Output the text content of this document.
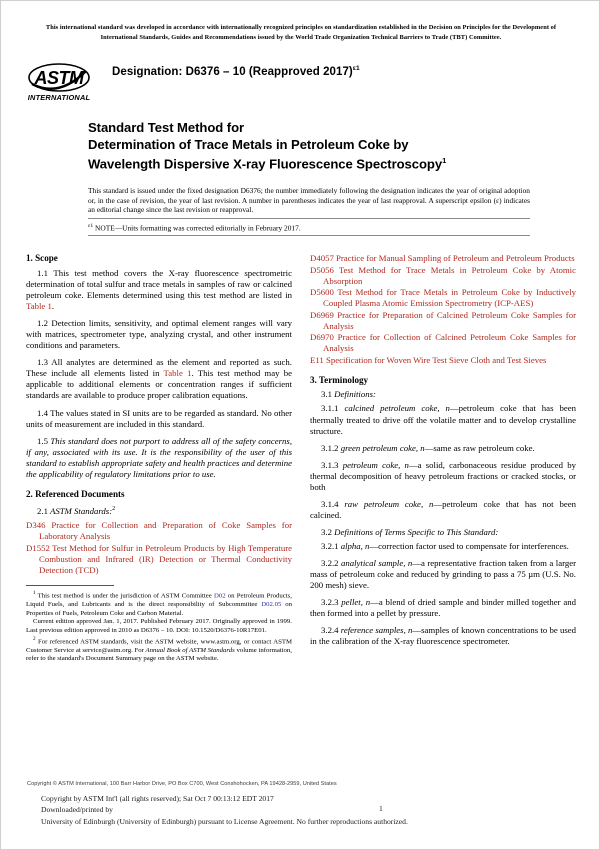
This international standard was developed in accordance with internationally recognized principles on standardization established in the Decision on Principles for the Development of International Standards, Guides and Recommendations issued by the World Trade Organization Technical Barriers to Trade (TBT) Committee.
ASTM
INTERNATIONAL
Designation: D6376 – 10 (Reapproved 2017)$^{\varepsilon 1}$
Standard Test Method for
Determination of Trace Metals in Petroleum Coke by
Wavelength Dispersive X-ray Fluorescence Spectroscopy$^1$
This standard is issued under the fixed designation D6376; the number immediately following the designation indicates the year of original adoption or, in the case of revision, the year of last revision. A number in parentheses indicates the year of last reapproval. A superscript epsilon (ε) indicates an editorial change since the last revision or reapproval.
$^{\varepsilon 1}$ NOTE—Units formatting was corrected editorially in February 2017.
1. Scope

1.1 This test method covers the X-ray fluorescence spectrometric determination of total sulfur and trace metals in samples of raw or calcined petroleum coke. Elements determined using this test method are listed in Table 1.

1.2 Detection limits, sensitivity, and optimal element ranges will vary with matrices, spectrometer type, analyzing crystal, and other instrument conditions and parameters.

1.3 All analytes are determined as the element and reported as such. These include all elements listed in Table 1. This test method may be applicable to additional elements or concentration ranges if sufficient standards are available to produce proper calibration equations.

1.4 The values stated in SI units are to be regarded as standard. No other units of measurement are included in this standard.

1.5 This standard does not purport to address all of the safety concerns, if any, associated with its use. It is the responsibility of the user of this standard to establish appropriate safety and health practices and determine the applicability of regulatory limitations prior to use.

2. Referenced Documents

2.1 ASTM Standards:$^2$

D346 Practice for Collection and Preparation of Coke Samples for Laboratory Analysis

D1552 Test Method for Sulfur in Petroleum Products by High Temperature Combustion and Infrared (IR) Detection or Thermal Conductivity Detection (TCD)

$^1$ This test method is under the jurisdiction of ASTM Committee D02 on Petroleum Products, Liquid Fuels, and Lubricants and is the direct responsibility of Subcommittee D02.05 on Properties of Fuels, Petroleum Coke and Carbon Material.

Current edition approved Jan. 1, 2017. Published February 2017. Originally approved in 1999. Last previous edition approved in 2010 as D6376 – 10. DOI: 10.1520/D6376-10R17E01.

$^2$ For referenced ASTM standards, visit the ASTM website, www.astm.org, or contact ASTM Customer Service at service@astm.org. For Annual Book of ASTM Standards volume information, refer to the standard's Document Summary page on the ASTM website.

D4057 Practice for Manual Sampling of Petroleum and Petroleum Products

D5056 Test Method for Trace Metals in Petroleum Coke by Atomic Absorption

D5600 Test Method for Trace Metals in Petroleum Coke by Inductively Coupled Plasma Atomic Emission Spectrometry (ICP-AES)

D6969 Practice for Preparation of Calcined Petroleum Coke Samples for Analysis

D6970 Practice for Collection of Calcined Petroleum Coke Samples for Analysis

E11 Specification for Woven Wire Test Sieve Cloth and Test Sieves

3. Terminology

3.1 Definitions:

3.1.1 calcined petroleum coke, n—petroleum coke that has been thermally treated to drive off the volatile matter and to develop crystalline structure.

3.1.2 green petroleum coke, n—same as raw petroleum coke.

3.1.3 petroleum coke, n—a solid, carbonaceous residue produced by thermal decomposition of heavy petroleum fractions or cracked stocks, or both

3.1.4 raw petroleum coke, n—petroleum coke that has not been calcined.

3.2 Definitions of Terms Specific to This Standard:

3.2.1 alpha, n—correction factor used to compensate for interferences.

3.2.2 analytical sample, n—a representative fraction taken from a larger mass of petroleum coke and reduced by grinding to pass a 75 µm (U.S. No. 200 mesh) sieve.

3.2.3 pellet, n—a blend of dried sample and binder milled together and then formed into a pellet by pressure.

3.2.4 reference samples, n—samples of known concentrations to be used in the calibration of the X-ray fluorescence spectrometer.

Copyright © ASTM International, 100 Barr Harbor Drive, PO Box C700, West Conshohocken, PA 19428-2959, United States
Copyright by ASTM Int'l (all rights reserved); Sat Oct 7 00:13:12 EDT 2017
Downloaded/printed by
University of Edinburgh (University of Edinburgh) pursuant to License Agreement. No further reproductions authorized.
1
